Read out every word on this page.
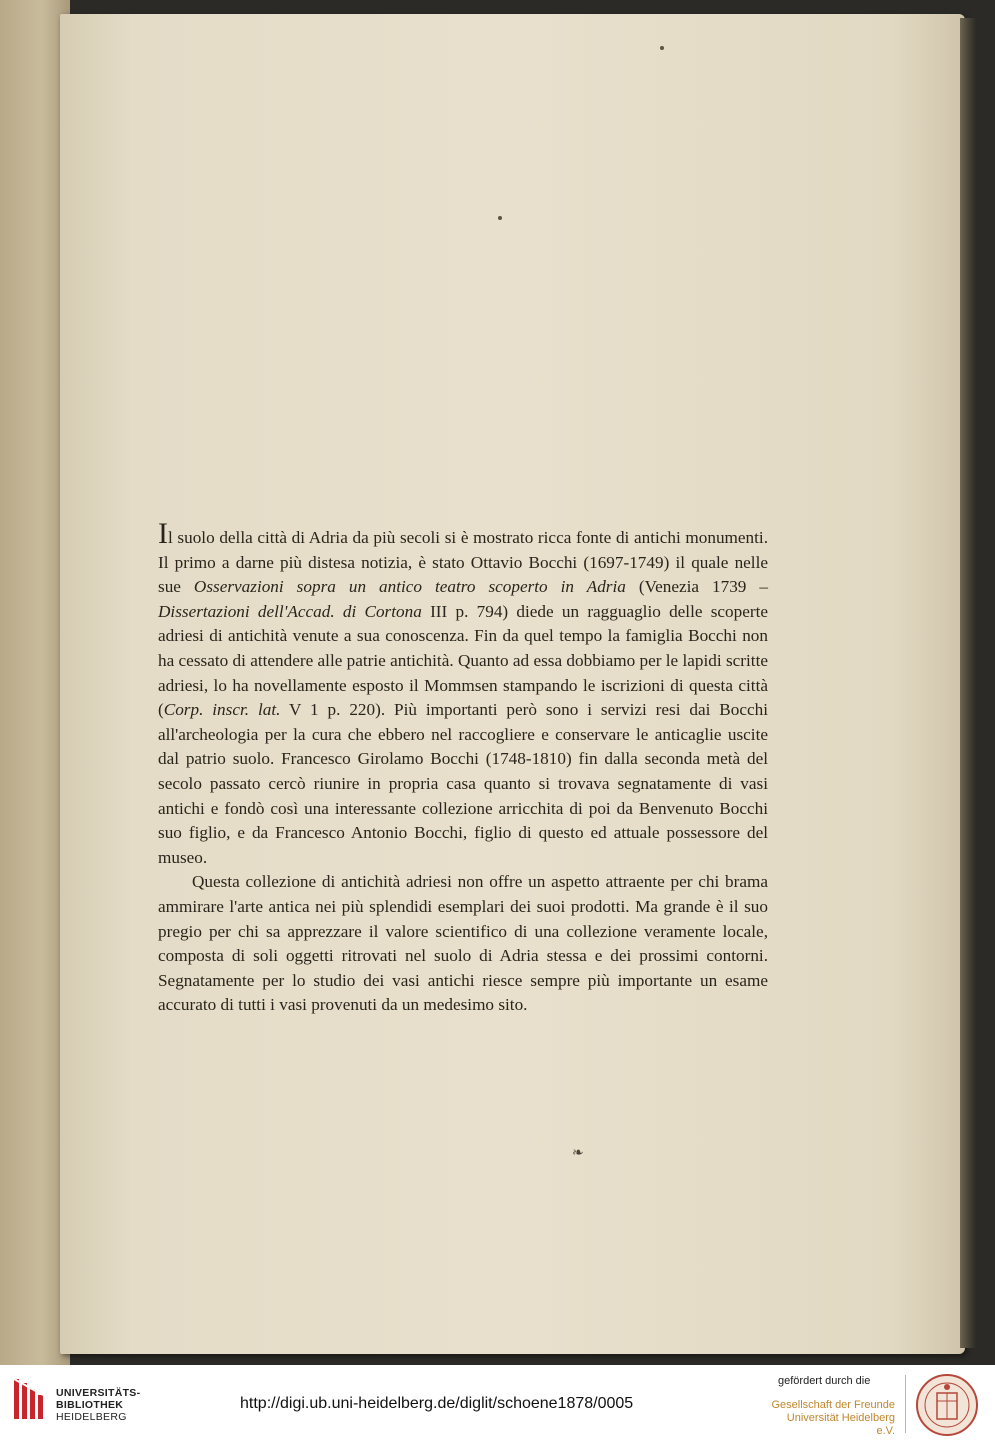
Il suolo della città di Adria da più secoli si è mostrato ricca fonte di antichi monumenti. Il primo a darne più distesa notizia, è stato Ottavio Bocchi (1697-1749) il quale nelle sue Osservazioni sopra un antico teatro scoperto in Adria (Venezia 1739 – Dissertazioni dell'Accad. di Cortona III p. 794) diede un ragguaglio delle scoperte adriesi di antichità venute a sua conoscenza. Fin da quel tempo la famiglia Bocchi non ha cessato di attendere alle patrie antichità. Quanto ad essa dobbiamo per le lapidi scritte adriesi, lo ha novellamente esposto il Mommsen stampando le iscrizioni di questa città (Corp. inscr. lat. V 1 p. 220). Più importanti però sono i servizi resi dai Bocchi all'archeologia per la cura che ebbero nel raccogliere e conservare le anticaglie uscite dal patrio suolo. Francesco Girolamo Bocchi (1748-1810) fin dalla seconda metà del secolo passato cercò riunire in propria casa quanto si trovava segnatamente di vasi antichi e fondò così una interessante collezione arricchita di poi da Benvenuto Bocchi suo figlio, e da Francesco Antonio Bocchi, figlio di questo ed attuale possessore del museo.

Questa collezione di antichità adriesi non offre un aspetto attraente per chi brama ammirare l'arte antica nei più splendidi esemplari dei suoi prodotti. Ma grande è il suo pregio per chi sa apprezzare il valore scientifico di una collezione veramente locale, composta di soli oggetti ritrovati nel suolo di Adria stessa e dei prossimi contorni. Segnatamente per lo studio dei vasi antichi riesce sempre più importante un esame accurato di tutti i vasi provenuti da un medesimo sito.

❧
UNIVERSITÄTS-
BIBLIOTHEK
HEIDELBERG
http://digi.ub.uni-heidelberg.de/diglit/schoene1878/0005
gefördert durch die
Gesellschaft der Freunde
Universität Heidelberg e.V.
